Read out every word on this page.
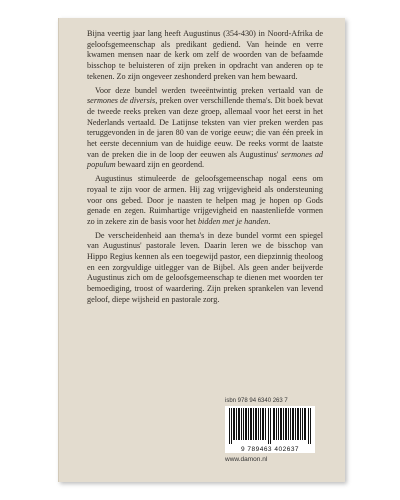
Bijna veertig jaar lang heeft Augustinus (354-430) in Noord-Afrika de geloofsgemeenschap als predikant gediend. Van heinde en verre kwamen mensen naar de kerk om zelf de woorden van de befaamde bisschop te beluisteren of zijn preken in opdracht van anderen op te tekenen. Zo zijn ongeveer zeshonderd preken van hem bewaard.

Voor deze bundel werden tweeëntwintig preken vertaald van de sermones de diversis, preken over verschillende thema's. Dit boek bevat de tweede reeks preken van deze groep, allemaal voor het eerst in het Nederlands vertaald. De Latijnse teksten van vier preken werden pas teruggevonden in de jaren 80 van de vorige eeuw; die van één preek in het eerste decennium van de huidige eeuw. De reeks vormt de laatste van de preken die in de loop der eeuwen als Augustinus' sermones ad populum bewaard zijn en geordend.

Augustinus stimuleerde de geloofsgemeenschap nogal eens om royaal te zijn voor de armen. Hij zag vrijgevigheid als ondersteuning voor ons gebed. Door je naasten te helpen mag je hopen op Gods genade en zegen. Ruimhartige vrijgevigheid en naastenliefde vormen zo in zekere zin de basis voor het bidden met je handen.

De verscheidenheid aan thema's in deze bundel vormt een spiegel van Augustinus' pastorale leven. Daarin leren we de bisschop van Hippo Regius kennen als een toegewijd pastor, een diepzinnig theoloog en een zorgvuldige uitlegger van de Bijbel. Als geen ander beijverde Augustinus zich om de geloofsgemeenschap te dienen met woorden ter bemoediging, troost of waardering. Zijn preken sprankelen van levend geloof, diepe wijsheid en pastorale zorg.

isbn 978 94 6340 263 7
9 789463 402637
www.damon.nl
